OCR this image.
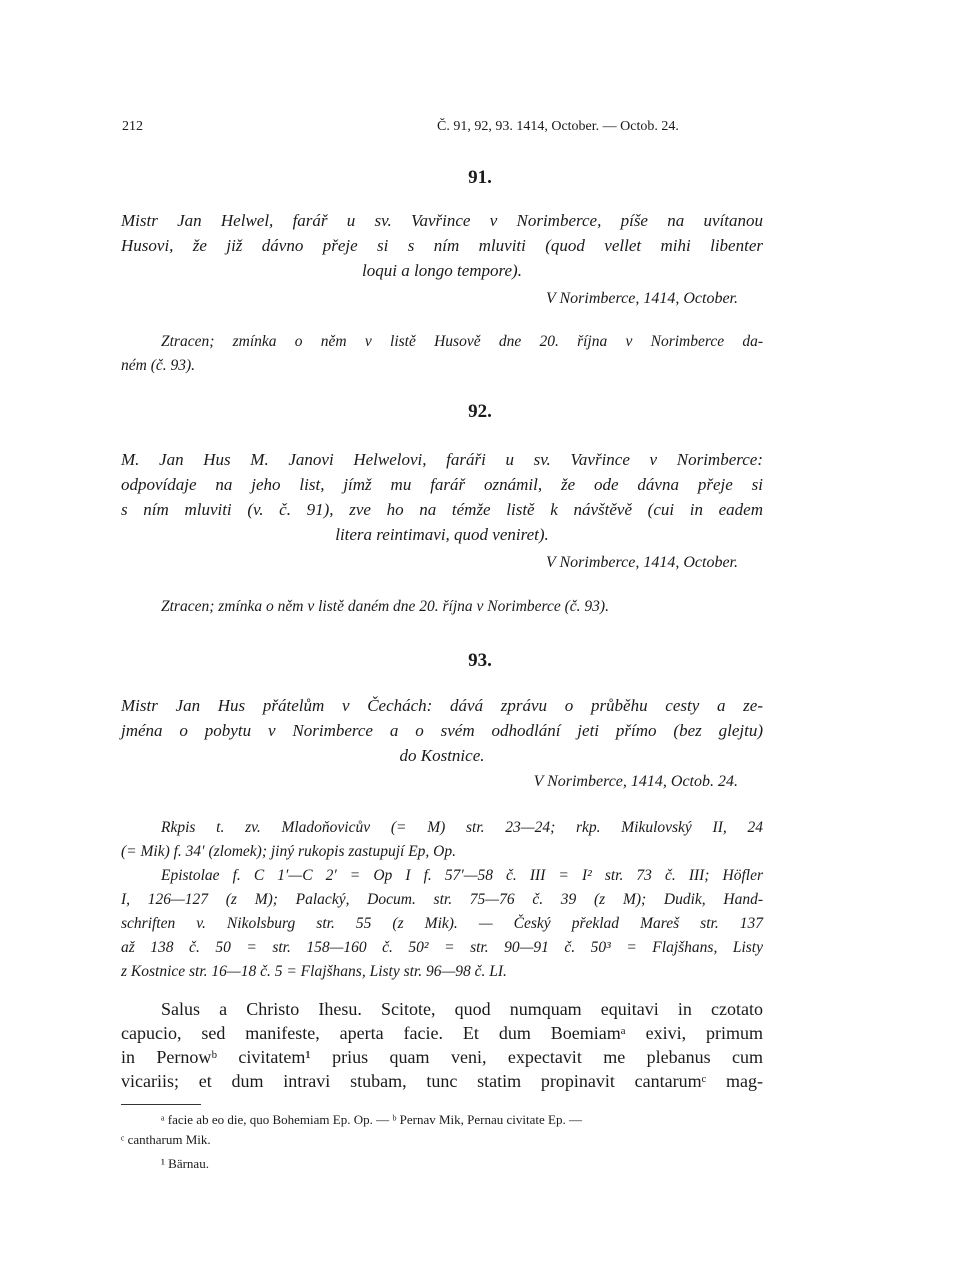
212	Č. 91, 92, 93. 1414, October. — Octob. 24.
91.
Mistr Jan Helwel, farář u sv. Vavřince v Norimberce, píše na uvítanou
Husovi, že již dávno přeje si s ním mluviti (quod vellet mihi libenter
loqui a longo tempore).
V Norimberce, 1414, October.
Ztracen; zmínka o něm v listě Husově dne 20. října v Norimberce da-
ném (č. 93).
92.
M. Jan Hus M. Janovi Helwelovi, faráři u sv. Vavřince v Norimberce:
odpovídaje na jeho list, jímž mu farář oznámil, že ode dávna přeje si
s ním mluviti (v. č. 91), zve ho na témže listě k návštěvě (cui in eadem
litera reintimavi, quod veniret).
V Norimberce, 1414, October.
Ztracen; zmínka o něm v listě daném dne 20. října v Norimberce (č. 93).
93.
Mistr Jan Hus přátelům v Čechách: dává zprávu o průběhu cesty a ze-
jména o pobytu v Norimberce a o svém odhodlání jeti přímo (bez glejtu)
do Kostnice.
V Norimberce, 1414, Octob. 24.
Rkpis t. zv. Mladoňovicův (= M) str. 23—24; rkp. Mikulovský II, 24
(= Mik) f. 34′ (zlomek); jiný rukopis zastupují Ep, Op.
Epistolae f. C 1′—C 2′ = Op I f. 57′—58 č. III = I² str. 73 č. III; Höfler
I, 126—127 (z M); Palacký, Docum. str. 75—76 č. 39 (z M); Dudik, Hand-
schriften v. Nikolsburg str. 55 (z Mik). — Český překlad Mareš str. 137
až 138 č. 50 = str. 158—160 č. 50² = str. 90—91 č. 50³ = Flajšhans, Listy
z Kostnice str. 16—18 č. 5 = Flajšhans, Listy str. 96—98 č. LI.
Salus a Christo Ihesu. Scitote, quod numquam equitavi in czotato
capucio, sed manifeste, aperta facie. Et dum Boemiamᵃ exivi, primum
in Pernowᵇ civitatem¹ prius quam veni, expectavit me plebanus cum
vicariis; et dum intravi stubam, tunc statim propinavit cantarumᶜ mag-
ᵃ facie ab eo die, quo Bohemiam Ep. Op. — ᵇ Pernav Mik, Pernau civitate Ep. —
ᶜ cantharum Mik.
¹ Bärnau.
